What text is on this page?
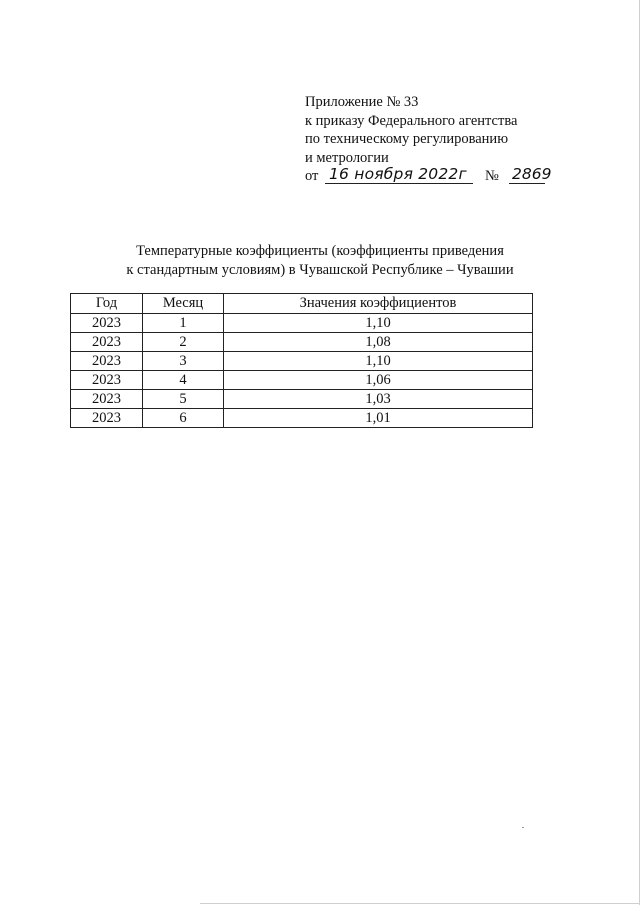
Приложение № 33
к приказу Федерального агентства
по техническому регулированию
и метрологии
от 16 ноября 2022г № 2869
Температурные коэффициенты (коэффициенты приведения
к стандартным условиям) в Чувашской Республике – Чувашии
Год	Месяц	Значения коэффициентов
2023	1	1,10
2023	2	1,08
2023	3	1,10
2023	4	1,06
2023	5	1,03
2023	6	1,01
